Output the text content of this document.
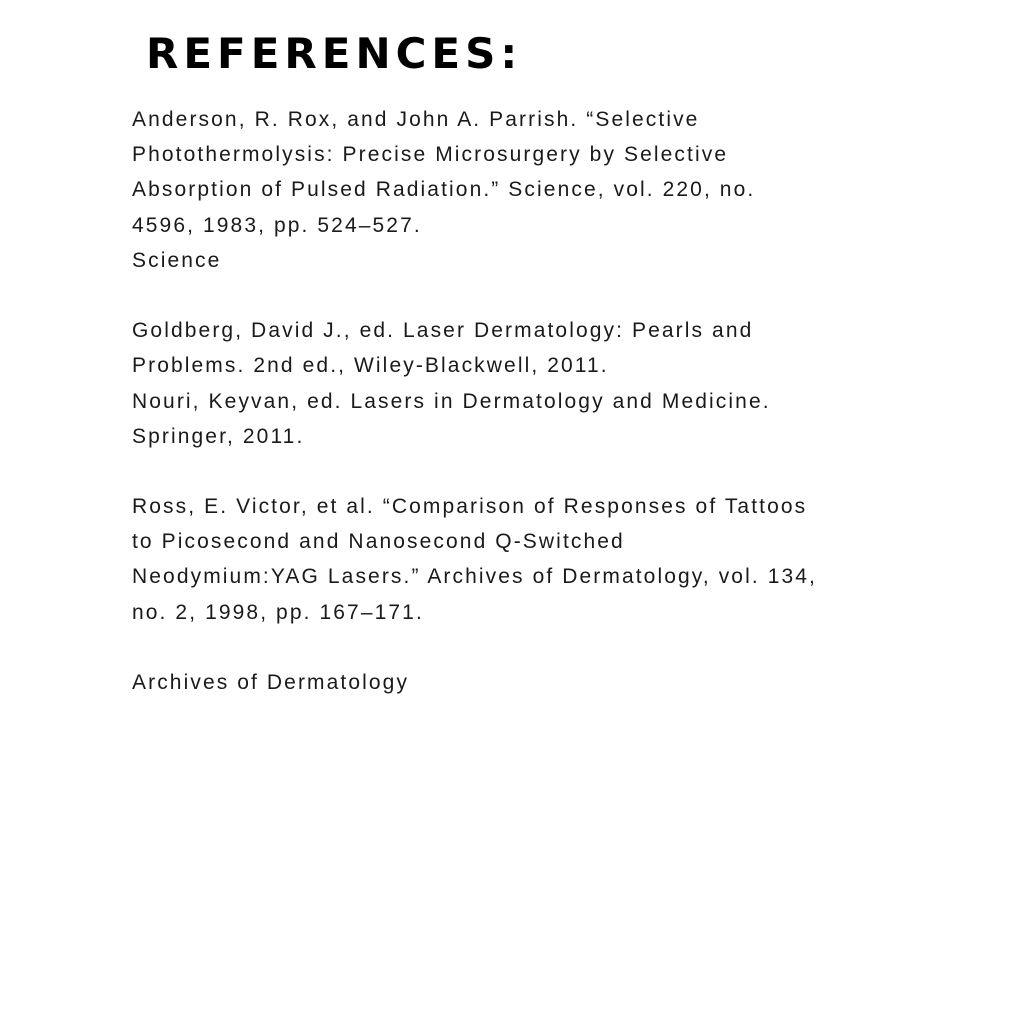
REFERENCES:
Anderson, R. Rox, and John A. Parrish. “Selective
Photothermolysis: Precise Microsurgery by Selective
Absorption of Pulsed Radiation.” Science, vol. 220, no.
4596, 1983, pp. 524–527.
Science
Goldberg, David J., ed. Laser Dermatology: Pearls and
Problems. 2nd ed., Wiley-Blackwell, 2011.
Nouri, Keyvan, ed. Lasers in Dermatology and Medicine.
Springer, 2011.
Ross, E. Victor, et al. “Comparison of Responses of Tattoos
to Picosecond and Nanosecond Q-Switched
Neodymium:YAG Lasers.” Archives of Dermatology, vol. 134,
no. 2, 1998, pp. 167–171.
Archives of Dermatology
